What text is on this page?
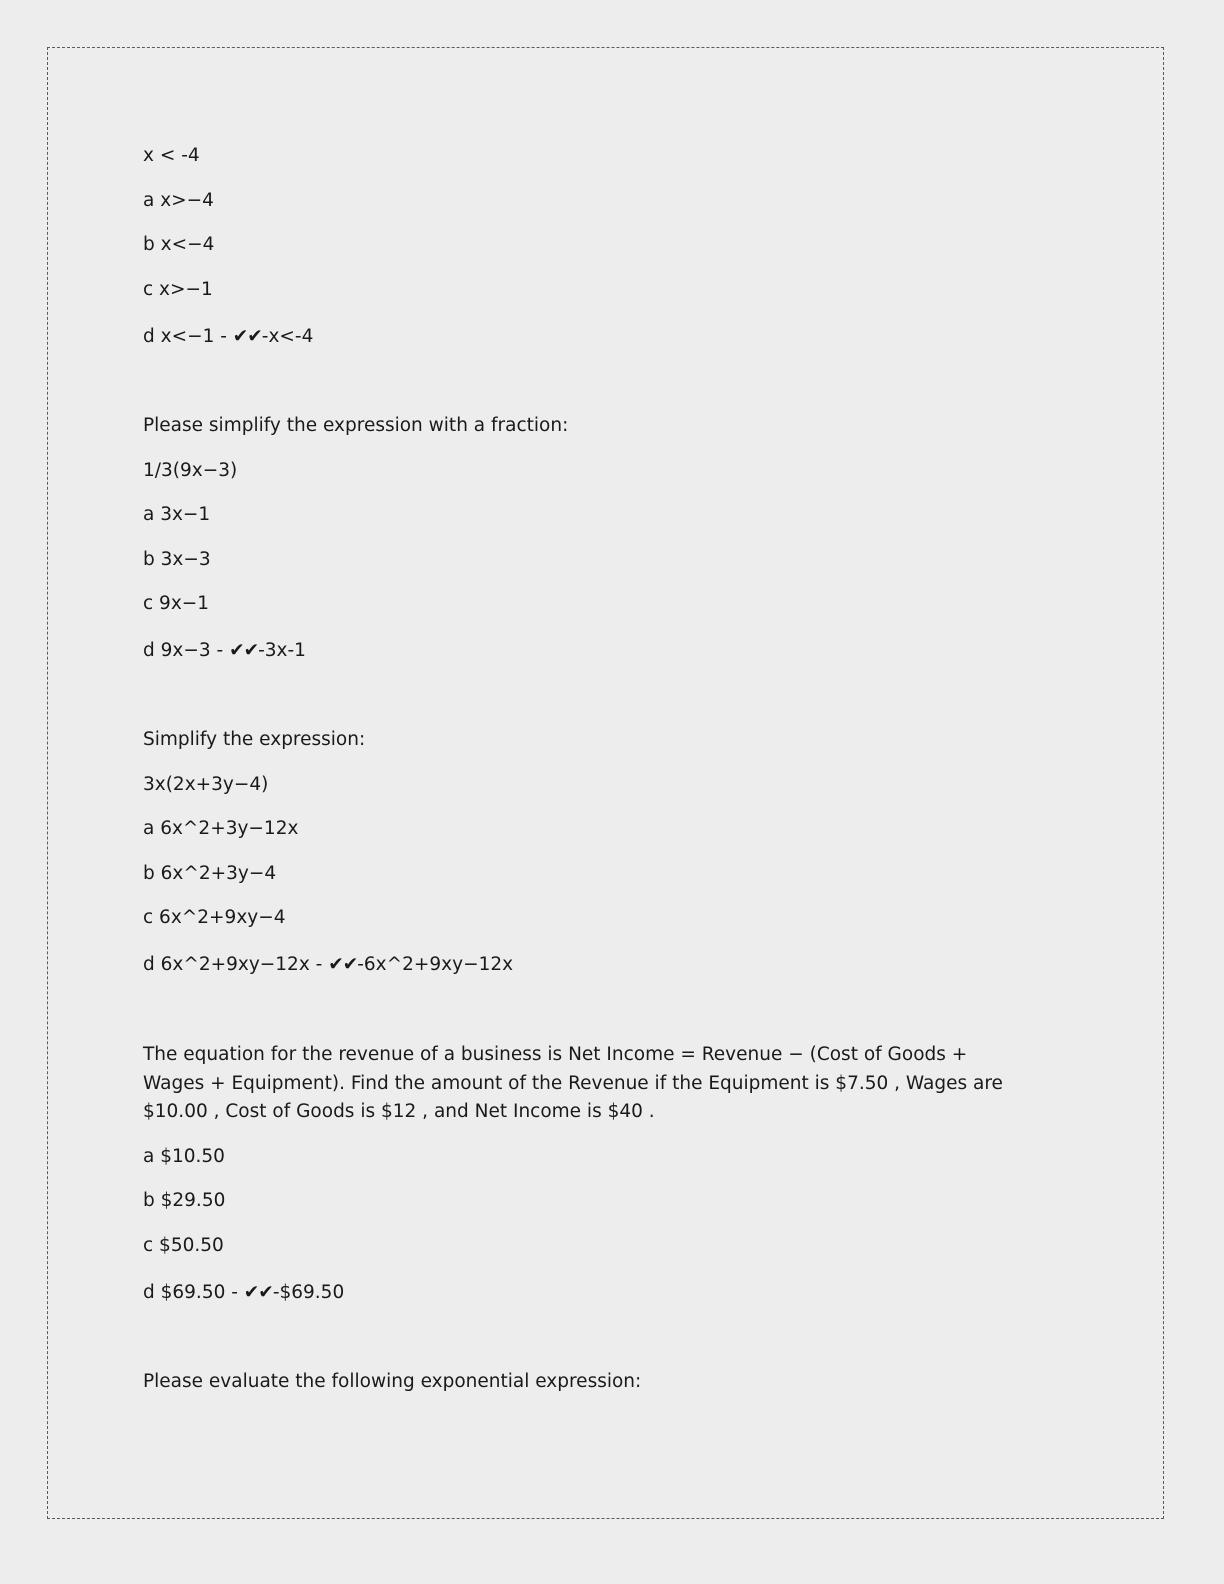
x < -4

a x>−4

b x<−4

c x>−1

d x<−1 - ✔✔-x<-4

Please simplify the expression with a fraction:

1/3(9x−3)

a 3x−1

b 3x−3

c 9x−1

d 9x−3 - ✔✔-3x-1

Simplify the expression:

3x(2x+3y−4)

a 6x^2+3y−12x

b 6x^2+3y−4

c 6x^2+9xy−4

d 6x^2+9xy−12x - ✔✔-6x^2+9xy−12x

The equation for the revenue of a business is Net Income = Revenue − (Cost of Goods + Wages + Equipment). Find the amount of the Revenue if the Equipment is $7.50 , Wages are $10.00 , Cost of Goods is $12 , and Net Income is $40 .

a $10.50

b $29.50

c $50.50

d $69.50 - ✔✔-$69.50

Please evaluate the following exponential expression:
